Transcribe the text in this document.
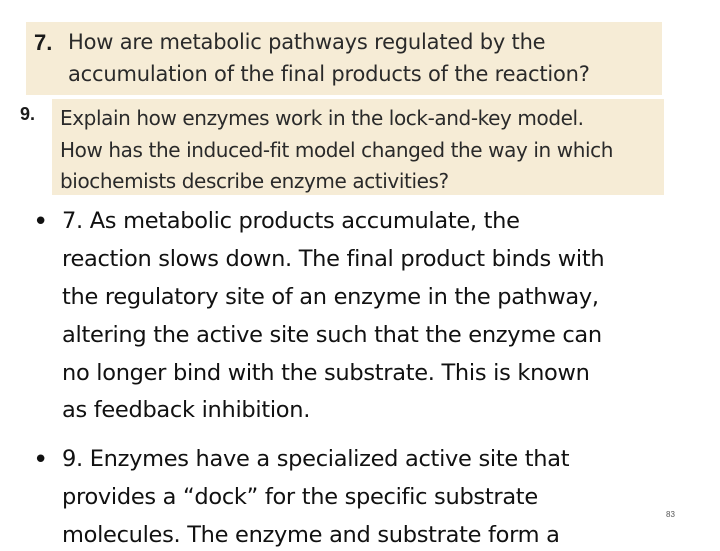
7. How are metabolic pathways regulated by the
accumulation of the final products of the reaction?
9. Explain how enzymes work in the lock-and-key model.
How has the induced-fit model changed the way in which
biochemists describe enzyme activities?
• 7. As metabolic products accumulate, the
reaction slows down. The final product binds with
the regulatory site of an enzyme in the pathway,
altering the active site such that the enzyme can
no longer bind with the substrate. This is known
as feedback inhibition.
• 9. Enzymes have a specialized active site that
provides a “dock” for the specific substrate
molecules. The enzyme and substrate form a
83
